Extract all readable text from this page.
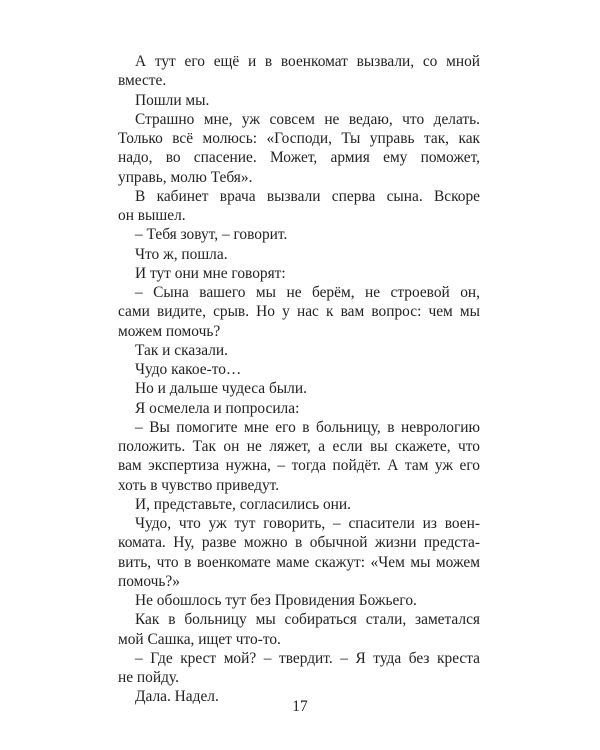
А тут его ещё и в военкомат вызвали, со мной
вместе.
Пошли мы.
Страшно мне, уж совсем не ведаю, что делать.
Только всё молюсь: «Господи, Ты управь так, как
надо, во спасение. Может, армия ему поможет,
управь, молю Тебя».
В кабинет врача вызвали сперва сына. Вскоре
он вышел.
– Тебя зовут, – говорит.
Что ж, пошла.
И тут они мне говорят:
– Сына вашего мы не берём, не строевой он,
сами видите, срыв. Но у нас к вам вопрос: чем мы
можем помочь?
Так и сказали.
Чудо какое-то…
Но и дальше чудеса были.
Я осмелела и попросила:
– Вы помогите мне его в больницу, в неврологию
положить. Так он не ляжет, а если вы скажете, что
вам экспертиза нужна, – тогда пойдёт. А там уж его
хоть в чувство приведут.
И, представьте, согласились они.
Чудо, что уж тут говорить, – спасители из воен-
комата. Ну, разве можно в обычной жизни предста-
вить, что в военкомате маме скажут: «Чем мы можем
помочь?»
Не обошлось тут без Провидения Божьего.
Как в больницу мы собираться стали, заметался
мой Сашка, ищет что-то.
– Где крест мой? – твердит. – Я туда без креста
не пойду.
Дала. Надел.
17
